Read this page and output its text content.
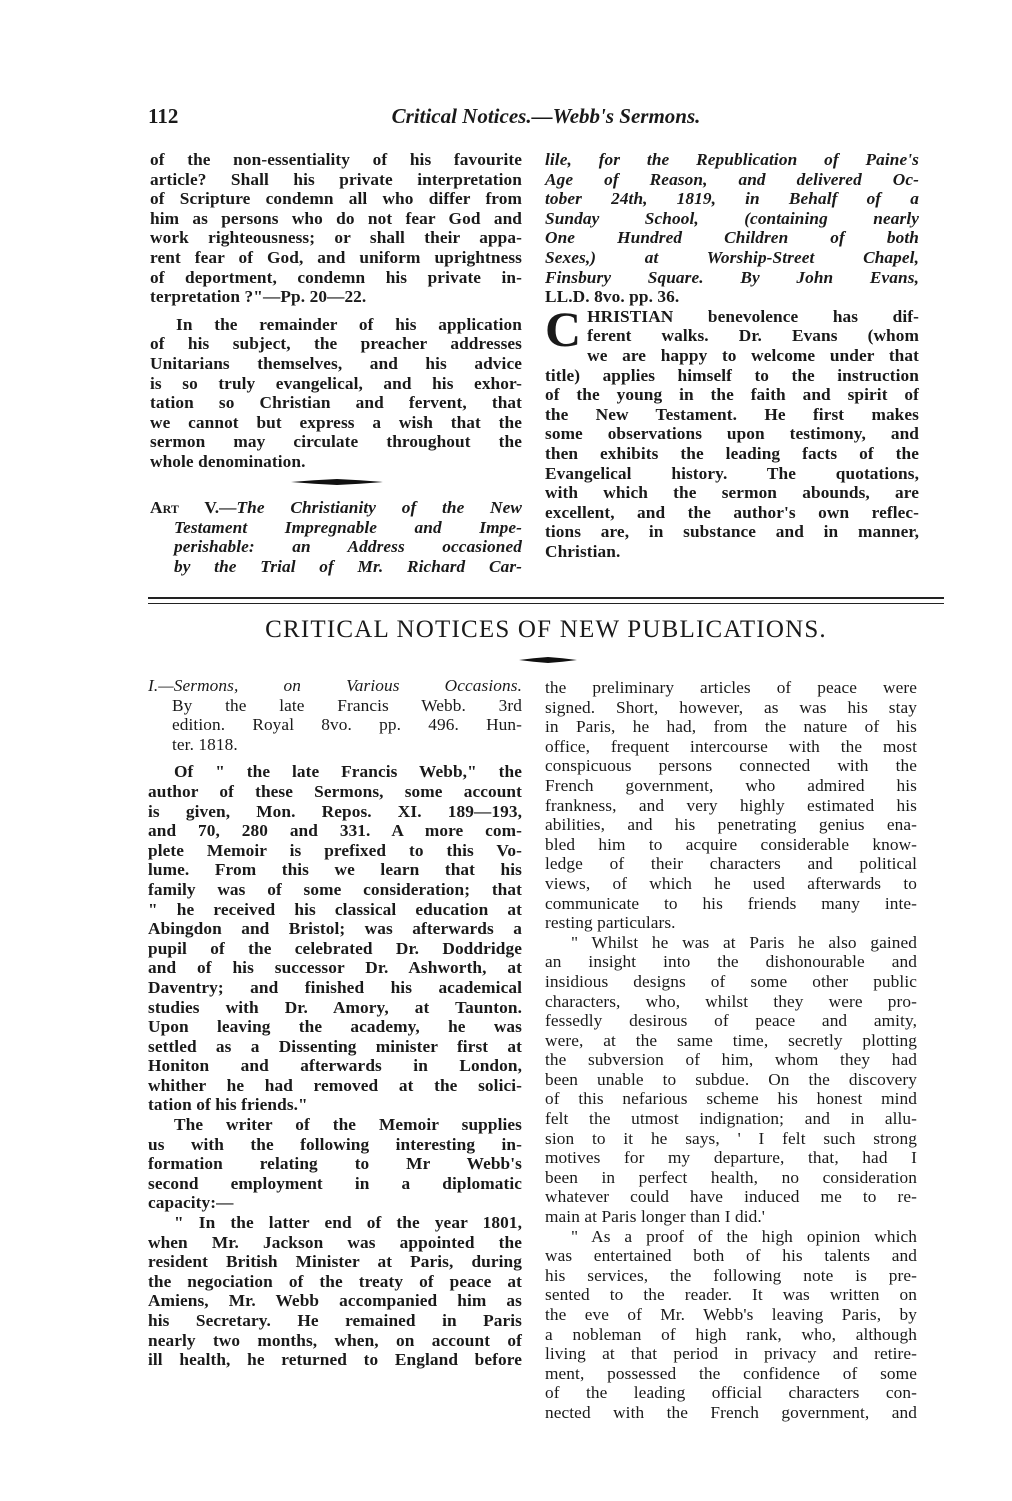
112	Critical Notices.—Webb's Sermons.
of the non-essentiality of his favourite
article? Shall his private interpretation
of Scripture condemn all who differ from
him as persons who do not fear God and
work righteousness; or shall their appa-
rent fear of God, and uniform uprightness
of deportment, condemn his private in-
terpretation ?"—Pp. 20—22.
In the remainder of his application
of his subject, the preacher addresses
Unitarians themselves, and his advice
is so truly evangelical, and his exhor-
tation so Christian and fervent, that
we cannot but express a wish that the
sermon may circulate throughout the
whole denomination.
Art V.—The Christianity of the New
Testament Impregnable and Impe-
perishable: an Address occasioned
by the Trial of Mr. Richard Car-
lile, for the Republication of Paine's
Age of Reason, and delivered Oc-
tober 24th, 1819, in Behalf of a
Sunday School, (containing nearly
One Hundred Children of both
Sexes,) at Worship-Street Chapel,
Finsbury Square. By John Evans,
LL.D. 8vo. pp. 36.
C HRISTIAN benevolence has dif-
ferent walks. Dr. Evans (whom
we are happy to welcome under that
title) applies himself to the instruction
of the young in the faith and spirit of
the New Testament. He first makes
some observations upon testimony, and
then exhibits the leading facts of the
Evangelical history. The quotations,
with which the sermon abounds, are
excellent, and the author's own reflec-
tions are, in substance and in manner,
Christian.
CRITICAL NOTICES OF NEW PUBLICATIONS.
I.—Sermons, on Various Occasions.
By the late Francis Webb. 3rd
edition. Royal 8vo. pp. 496. Hun-
ter. 1818.
Of " the late Francis Webb," the
author of these Sermons, some account
is given, Mon. Repos. XI. 189—193,
and 70, 280 and 331. A more com-
plete Memoir is prefixed to this Vo-
lume. From this we learn that his
family was of some consideration; that
" he received his classical education at
Abingdon and Bristol; was afterwards a
pupil of the celebrated Dr. Doddridge
and of his successor Dr. Ashworth, at
Daventry; and finished his academical
studies with Dr. Amory, at Taunton.
Upon leaving the academy, he was
settled as a Dissenting minister first at
Honiton and afterwards in London,
whither he had removed at the solici-
tation of his friends."
The writer of the Memoir supplies
us with the following interesting in-
formation relating to Mr Webb's
second employment in a diplomatic
capacity:—
" In the latter end of the year 1801,
when Mr. Jackson was appointed the
resident British Minister at Paris, during
the negociation of the treaty of peace at
Amiens, Mr. Webb accompanied him as
his Secretary. He remained in Paris
nearly two months, when, on account of
ill health, he returned to England before
the preliminary articles of peace were
signed. Short, however, as was his stay
in Paris, he had, from the nature of his
office, frequent intercourse with the most
conspicuous persons connected with the
French government, who admired his
frankness, and very highly estimated his
abilities, and his penetrating genius ena-
bled him to acquire considerable know-
ledge of their characters and political
views, of which he used afterwards to
communicate to his friends many inte-
resting particulars.
" Whilst he was at Paris he also gained
an insight into the dishonourable and
insidious designs of some other public
characters, who, whilst they were pro-
fessedly desirous of peace and amity,
were, at the same time, secretly plotting
the subversion of him, whom they had
been unable to subdue. On the discovery
of this nefarious scheme his honest mind
felt the utmost indignation; and in allu-
sion to it he says, ' I felt such strong
motives for my departure, that, had I
been in perfect health, no consideration
whatever could have induced me to re-
main at Paris longer than I did.'
" As a proof of the high opinion which
was entertained both of his talents and
his services, the following note is pre-
sented to the reader. It was written on
the eve of Mr. Webb's leaving Paris, by
a nobleman of high rank, who, although
living at that period in privacy and retire-
ment, possessed the confidence of some
of the leading official characters con-
nected with the French government, and
